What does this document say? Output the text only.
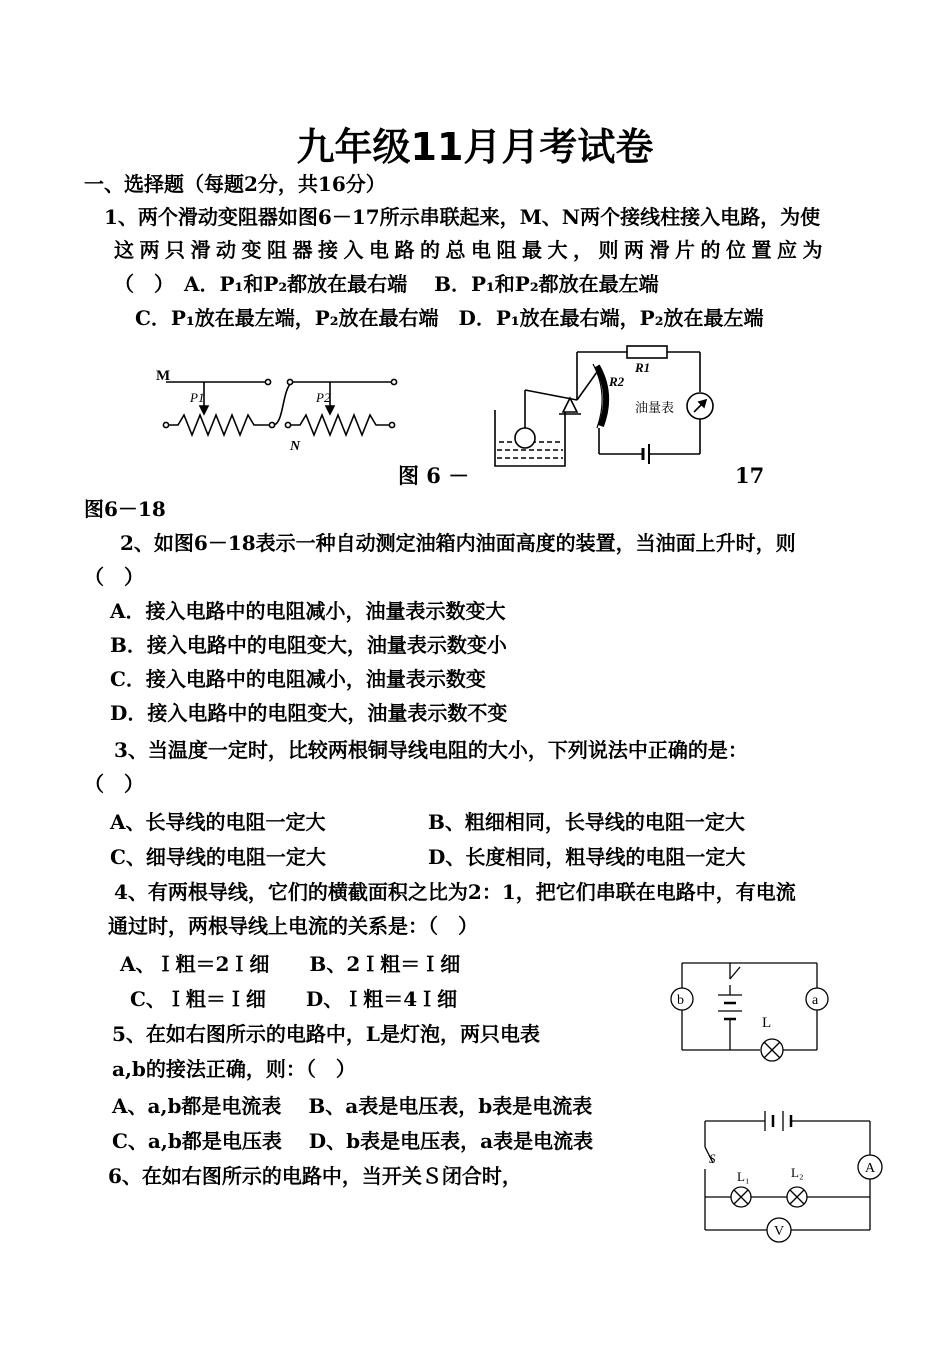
九年级11月月考试卷
一、选择题（每题2分，共16分）
1、两个滑动变阻器如图6－17所示串联起来，M、N两个接线柱接入电路，为使
这两只滑动变阻器接入电路的总电阻最大，则两滑片的位置应为
（　）　A．P₁和P₂都放在最右端　 B．P₁和P₂都放在最左端
C．P₁放在最左端，P₂放在最右端　D．P₁放在最右端，P₂放在最左端
M
P1	P2
N
R1
R2
油量表
图 6 －	17
图6－18
2、如图6－18表示一种自动测定油箱内油面高度的装置，当油面上升时，则
（　）
A．接入电路中的电阻减小，油量表示数变大
B．接入电路中的电阻变大，油量表示数变小
C．接入电路中的电阻减小，油量表示数变
D．接入电路中的电阻变大，油量表示数不变
3、当温度一定时，比较两根铜导线电阻的大小，下列说法中正确的是：
（　）
A、长导线的电阻一定大	B、粗细相同，长导线的电阻一定大
C、细导线的电阻一定大	D、长度相同，粗导线的电阻一定大
4、有两根导线，它们的横截面积之比为2：1，把它们串联在电路中，有电流
通过时，两根导线上电流的关系是：（　）
A、Ｉ粗＝2Ｉ细　　B、2Ｉ粗＝Ｉ细
C、Ｉ粗＝Ｉ细　　D、Ｉ粗＝4Ｉ细
5、在如右图所示的电路中，L是灯泡，两只电表
a,b的接法正确，则：（　）
A、a,b都是电流表　 B、a表是电压表，b表是电流表
C、a,b都是电压表　 D、b表是电压表，a表是电流表
b	a
L
6、在如右图所示的电路中，当开关Ｓ闭合时，
S
L₁	L₂	A
V
